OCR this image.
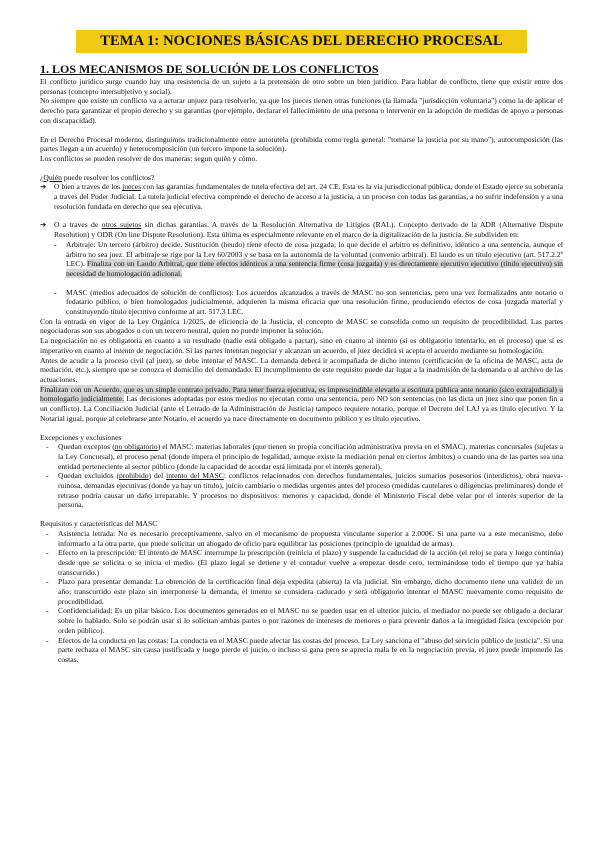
TEMA 1: NOCIONES BÁSICAS DEL DERECHO PROCESAL
1. LOS MECANISMOS DE SOLUCIÓN DE LOS CONFLICTOS

El conflicto jurídico surge cuando hay una resistencia de un sujeto a la pretensión de otro sobre un bien jurídico. Para hablar de conflicto, tiene que existir entre dos personas (concepto intersubjetivo y social).

No siempre que existe un conflicto va a acturar unjuez para resolverlo, ya que los jueces tienen otras funciones (la llamada "jurisdicción voluntaria") como la de aplicar el derecho para garantizar el propio derecho y su garantías (por ejemplo, declarar el fallecimiento de una persona o intervenir en la adopción de medidas de apoyo a personas con discapacidad).

En el Derecho Procesal moderno, distinguimos tradicionalmente entre autotutela (prohibida como regla general: "tomarse la justicia por su mano"), autocomposición (las partes llegan a un acuerdo) y heterocomposición (un tercero impone la solución).

Los conflictos se pueden resolver de dos maneras: segun quién y cómo.

¿Quién puede resolver los conflictos?

➔	O bien a traves de los jueces con las garantías fundamentales de tutela efectiva del art. 24 CE. Esta es la vía jurisdiccional pública, donde el Estado ejerce su soberanía a traves del Poder Judicial. La tutela judicial efectiva comprende el derecho de acceso a la justicia, a un proceso con todas las garantías, a no sufrir indefensión y a una resolución fundada en derecho que sea ejecutiva.
➔	O a traves de otros sujetos sin dichas garantías. A través de la Resolución Alternativa de Litigios (RAL). Concepto derivado de la ADR (Alternative Dispute Resolution) y ODR (On line Dispute Resolution). Esta última es especialmente relevante en el marco de la digitalización de la justicia. Se subdividen en:
-	Arbitraje: Un tercero (árbitro) decide. Sustitución (heudo) tiene efecto de cosa juzgada; lo que decide el arbitro es definitivo, idéntico a una sentencia, aunque el árbitro no sea juez. El arbitraje se rige por la Ley 60/2003 y se basa en la autonomía de la voluntad (convenio arbitral). El laudo es un título ejecutivo (art. 517.2.2º LEC). Finaliza con un Laudo Arbitral, que tiene efectos idénticos a una sentencia firme (cosa juzgada) y es directamente ejecutivo ejecutivo (título ejecutivo) sin necesidad de homologación adicional.
-	MASC (medios adecuados de solución de conflictos): Los acuerdos alcanzados a través de MASC no son sentencias, pero una vez formalizados ante notario o fedatario público, o bien homologados judicialmente, adquieren la misma eficacia que una resolución firme, produciendo efectos de cosa juzgada material y constituyendo título ejecutivo conforme al art. 517.3 LEC.

Con la entrada en vigor de la Ley Orgánica 1/2025, de eficiencia de la Justicia, el concepto de MASC se consolida como un requisito de procedibilidad. Las partes negociadoras son sus abogados o con un tercero neutral, quien no puede imponer la solución.

La negociación no es obligatoria en cuanto a su resultado (nadie está obligado a pactar), sino en cuanto al intento (sí es obligatorio intentarlo, en el proceso) que sí es imperativo en cuanto al intento de negociación. Si las partes intentan negociar y alcanzan un acuerdo, el juez decidirá si acepta el acuerdo mediante su homologación.

Antes de acudir a la proceso civil (al juez), se debe intentar el MASC. La demanda deberá ir acompañada de dicho intento (certificación de la oficina de MASC, acta de mediación, etc.), siempre que se conozca el domicilio del demandado. El incumplimiento de este requisito puede dar lugar a la inadmisión de la demanda o al archivo de las actuaciones.

Finalizan con un Acuerdo, que es un simple contrato privado. Para tener fuerza ejecutiva, es imprescindible elevarlo a escritura pública ante notario (sico extrajudicial) u homologarlo judicialmente. Las decisiones adoptadas por estos medios no ejecutan como una sentencia, pero NO son sentencias (no las dicta un juez sino que ponen fin a un conflicto). La Conciliación Judicial (ante el Letrado de la Administración de Justicia) tampoco requiere notario, porque el Decreto del LAJ ya es título ejecutivo. Y la Notarial igual, porque al celebrarse ante Notario, el acuerdo ya nace directamente en documento público y es título ejecutivo.

Excepciones y exclusiones

-	Quedan exceptos (no obligatorio) el MASC: materias laborales (que tienen su propia conciliación administrativa previa en el SMAC), materias concursales (sujetas a la Ley Concursal), el proceso penal (donde impera el principio de legalidad, aunque existe la mediación penal en ciertos ámbitos) o cuando una de las partes sea una entidad perteneciente al sector público (donde la capacidad de acordar está limitada por el interés general).
-	Quedan excluidos (prohibido) del intento del MASC: conflictos relacionados con derechos fundamentales, juicios sumarios posesorios (interdictos), obra nueva-ruinosa, demandas ejecutivas (donde ya hay un título), juicio cambiario o medidas urgentes antes del proceso (medidas cautelares o diligencias preliminares) donde el retraso podría causar un daño irreparable. Y procesos no dispositivos: menores y capacidad, donde el Ministerio Fiscal debe velar por el interés superior de la persona.

Requisitos y características del MASC

-	Asistencia letrada: No es necesario preceptivamente, salvo en el mecanismo de propuesta vinculante superior a 2.000€. Si una parte va a este mecanismo, debe informarlo a la otra parte, que puede solicitar un abogado de oficio para equilibrar las posiciones (principio de igualdad de armas).
-	Efecto en la prescripción: El intento de MASC interrumpe la prescripción (reinicia el plazo) y suspende la caducidad de la acción (el reloj se para y luego continúa) desde que se solicita o se inicia el medio. (El plazo legal se detiene y el contador vuelve a empezar desde cero, terminándose todo el tiempo que ya había transcurrido.)
-	Plazo para presentar demanda: La obtención de la certificación final deja expedita (abierta) la vía judicial. Sin embargo, dicho documento tiene una validez de un año; transcurrido este plazo sin interponerse la demanda, el intento se considera caducado y será obligatorio intentar el MASC nuevamente como requisito de procedibilidad.
-	Confidencialidad: Es un pilar básico. Los documentos generados en el MASC no se pueden usar en el ulterior juicio, el mediador no puede ser obligado a declarar sobre lo hablado. Solo se podrán usar si lo solicitan ambas partes o por razones de intereses de menores o para prevenir daños a la integridad física (excepción por orden público).
-	Efectos de la conducta en las costas: La conducta en el MASC puede afectar las costas del proceso. La Ley sanciona el "abuso del servicio público de justicia". Si una parte rechaza el MASC sin causa justificada y luego pierde el juicio, o incluso si gana pero se aprecia mala fe en la negociación previa, el juez puede imponerle las costas.
